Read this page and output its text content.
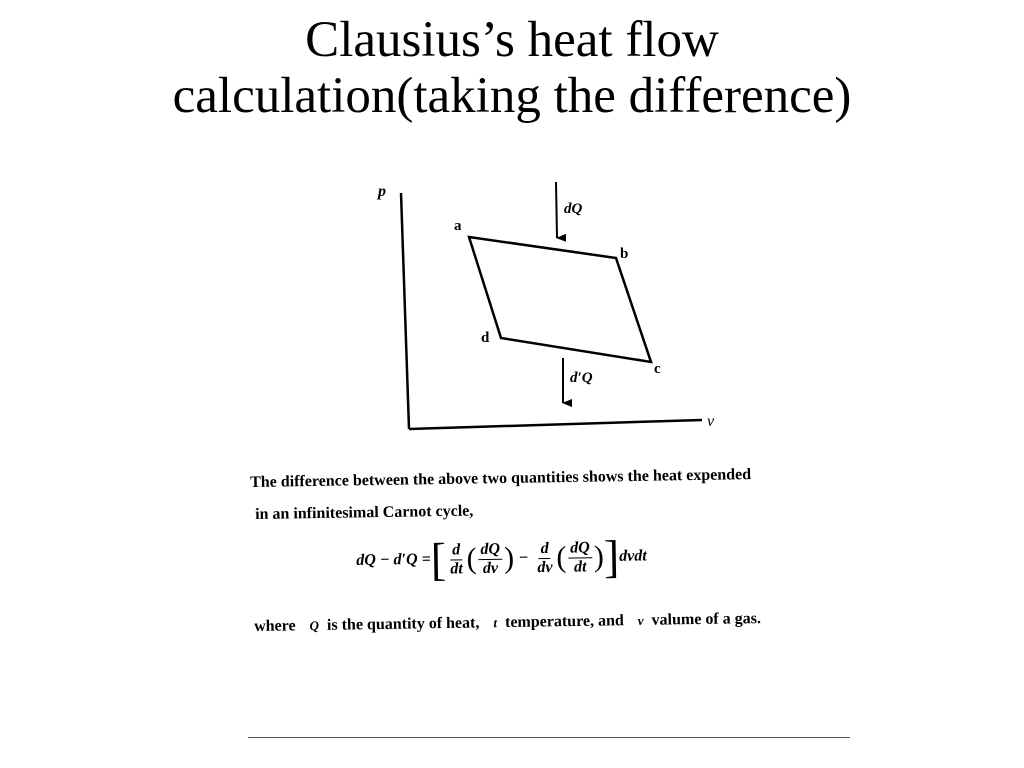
Clausius’s heat flow
calculation(taking the difference)
p
v
a
b
c
d
dQ
d′Q
The difference between the above two quantities shows the heat expended
in an infinitesimal Carnot cycle,
dQ − d′Q = [ $\frac{d}{dt}$ ( $\frac{dQ}{dv}$ ) − $\frac{d}{dv}$ ( $\frac{dQ}{dt}$ ) ] dvdt
where Q is the quantity of heat, t temperature, and v valume of a gas.
